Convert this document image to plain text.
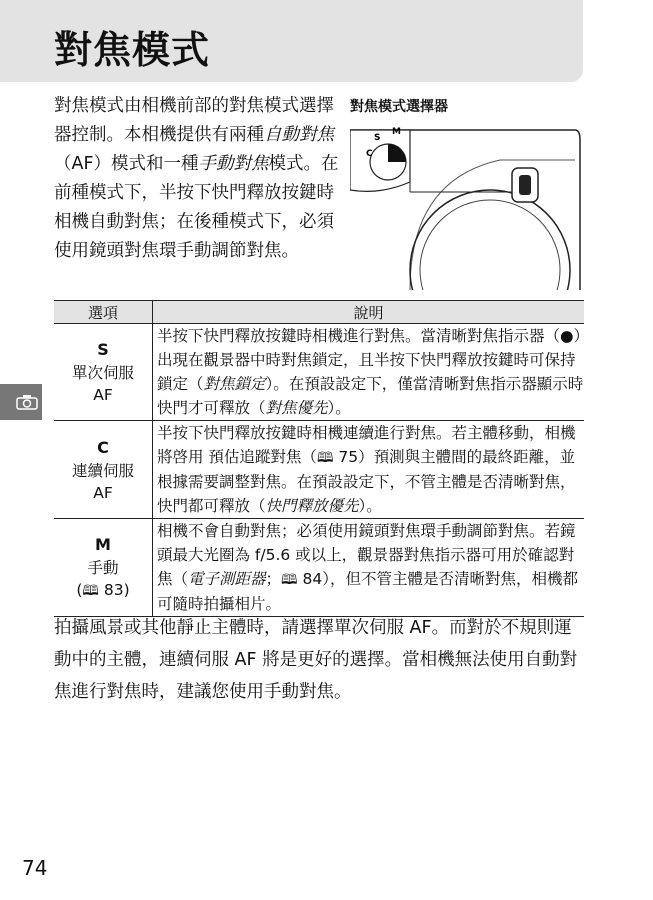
對焦模式
對焦模式由相機前部的對焦模式選擇器控制。本相機提供有兩種自動對焦（AF）模式和一種手動對焦模式。在前種模式下，半按下快門釋放按鍵時相機自動對焦；在後種模式下，必須使用鏡頭對焦環手動調節對焦。
對焦模式選擇器
S
C
M
選項	說明

S
單次伺服
AF	半按下快門釋放按鍵時相機進行對焦。當清晰對焦指示器（●）出現在觀景器中時對焦鎖定，且半按下快門釋放按鍵時可保持鎖定（對焦鎖定）。在預設設定下，僅當清晰對焦指示器顯示時快門才可釋放（對焦優先）。

C
連續伺服
AF	半按下快門釋放按鍵時相機連續進行對焦。若主體移動，相機將啓用 預估追蹤對焦（🕮 75）預測與主體間的最終距離，並根據需要調整對焦。在預設設定下，不管主體是否清晰對焦，快門都可釋放（快門釋放優先）。

M
手動
(🕮 83)	相機不會自動對焦；必須使用鏡頭對焦環手動調節對焦。若鏡頭最大光圈為 f/5.6 或以上，觀景器對焦指示器可用於確認對焦（電子測距器；🕮 84），但不管主體是否清晰對焦，相機都可隨時拍攝相片。
拍攝風景或其他靜止主體時，請選擇單次伺服 AF。而對於不規則運動中的主體，連續伺服 AF 將是更好的選擇。當相機無法使用自動對焦進行對焦時，建議您使用手動對焦。
74
